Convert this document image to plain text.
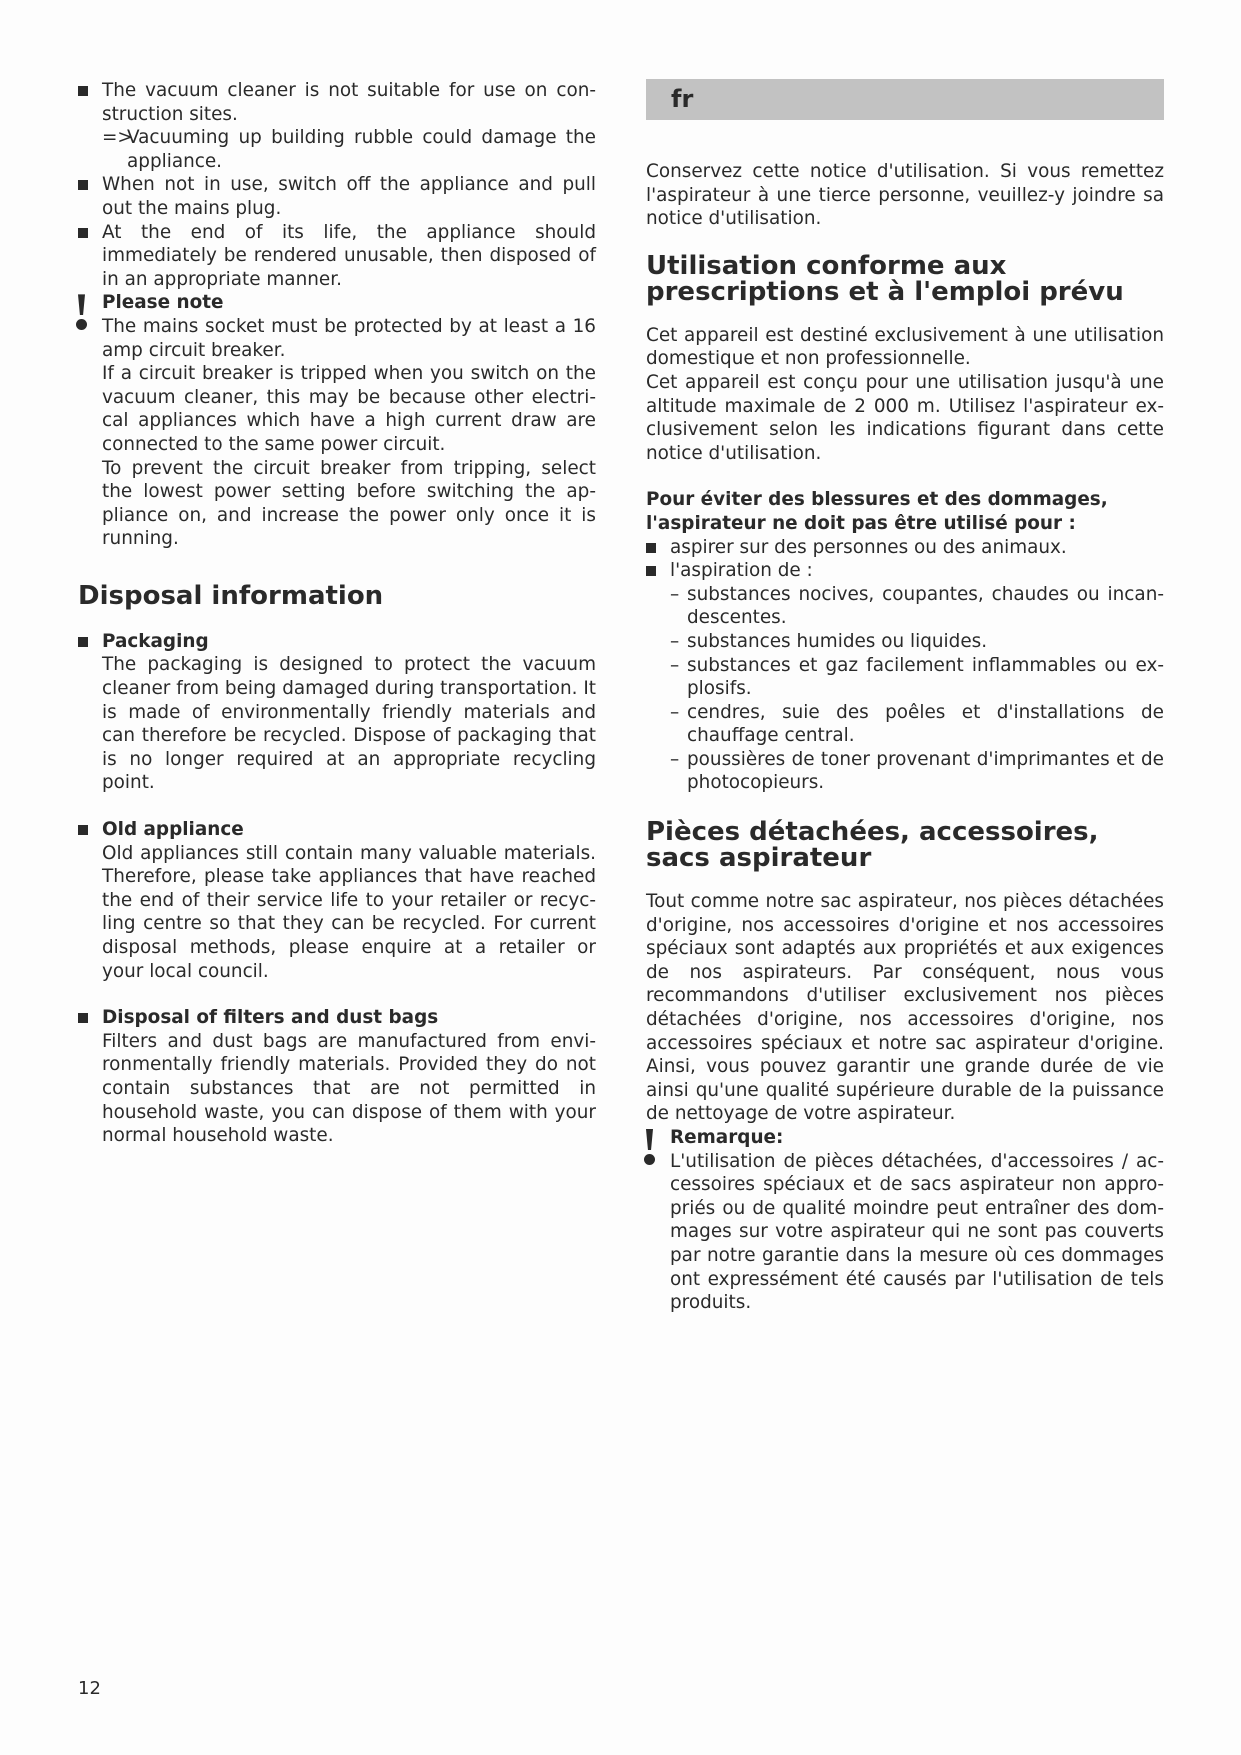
The vacuum cleaner is not suitable for use on construction sites.

=>

Vacuuming up building rubble could damage the appliance.

When not in use, switch off the appliance and pull out the mains plug.

At the end of its life, the appliance should immediately be rendered unusable, then disposed of in an appropriate manner.

Please note

The mains socket must be protected by at least a 16 amp circuit breaker.

If a circuit breaker is tripped when you switch on the vacuum cleaner, this may be because other electrical appliances which have a high current draw are connected to the same power circuit.

To prevent the circuit breaker from tripping, select the lowest power setting before switching the appliance on, and increase the power only once it is running.

Disposal information

Packaging

The packaging is designed to protect the vacuum cleaner from being damaged during transportation. It is made of environmentally friendly materials and can therefore be recycled. Dispose of packaging that is no longer required at an appropriate recycling point.

Old appliance

Old appliances still contain many valuable materials. Therefore, please take appliances that have reached the end of their service life to your retailer or recycling centre so that they can be recycled. For current disposal methods, please enquire at a retailer or your local council.

Disposal of filters and dust bags

Filters and dust bags are manufactured from environmentally friendly materials. Provided they do not contain substances that are not permitted in household waste, you can dispose of them with your normal household waste.

fr

Conservez cette notice d'utilisation. Si vous remettez l'aspirateur à une tierce personne, veuillez-y joindre sa notice d'utilisation.

Utilisation conforme aux prescriptions et à l'emploi prévu

Cet appareil est destiné exclusivement à une utilisation domestique et non professionnelle.

Cet appareil est conçu pour une utilisation jusqu'à une altitude maximale de 2 000 m. Utilisez l'aspirateur exclusivement selon les indications figurant dans cette notice d'utilisation.

Pour éviter des blessures et des dommages, l'aspirateur ne doit pas être utilisé pour :

aspirer sur des personnes ou des animaux.

l'aspiration de :

– substances nocives, coupantes, chaudes ou incandescentes.

– substances humides ou liquides.

– substances et gaz facilement inflammables ou explosifs.

– cendres, suie des poêles et d'installations de chauffage central.

– poussières de toner provenant d'imprimantes et de photocopieurs.

Pièces détachées, accessoires, sacs aspirateur

Tout comme notre sac aspirateur, nos pièces détachées d'origine, nos accessoires d'origine et nos accessoires spéciaux sont adaptés aux propriétés et aux exigences de nos aspirateurs. Par conséquent, nous vous recommandons d'utiliser exclusivement nos pièces détachées d'origine, nos accessoires d'origine, nos accessoires spéciaux et notre sac aspirateur d'origine. Ainsi, vous pouvez garantir une grande durée de vie ainsi qu'une qualité supérieure durable de la puissance de nettoyage de votre aspirateur.

Remarque:

L'utilisation de pièces détachées, d'accessoires / accessoires spéciaux et de sacs aspirateur non appropriés ou de qualité moindre peut entraîner des dommages sur votre aspirateur qui ne sont pas couverts par notre garantie dans la mesure où ces dommages ont expressément été causés par l'utilisation de tels produits.

12
